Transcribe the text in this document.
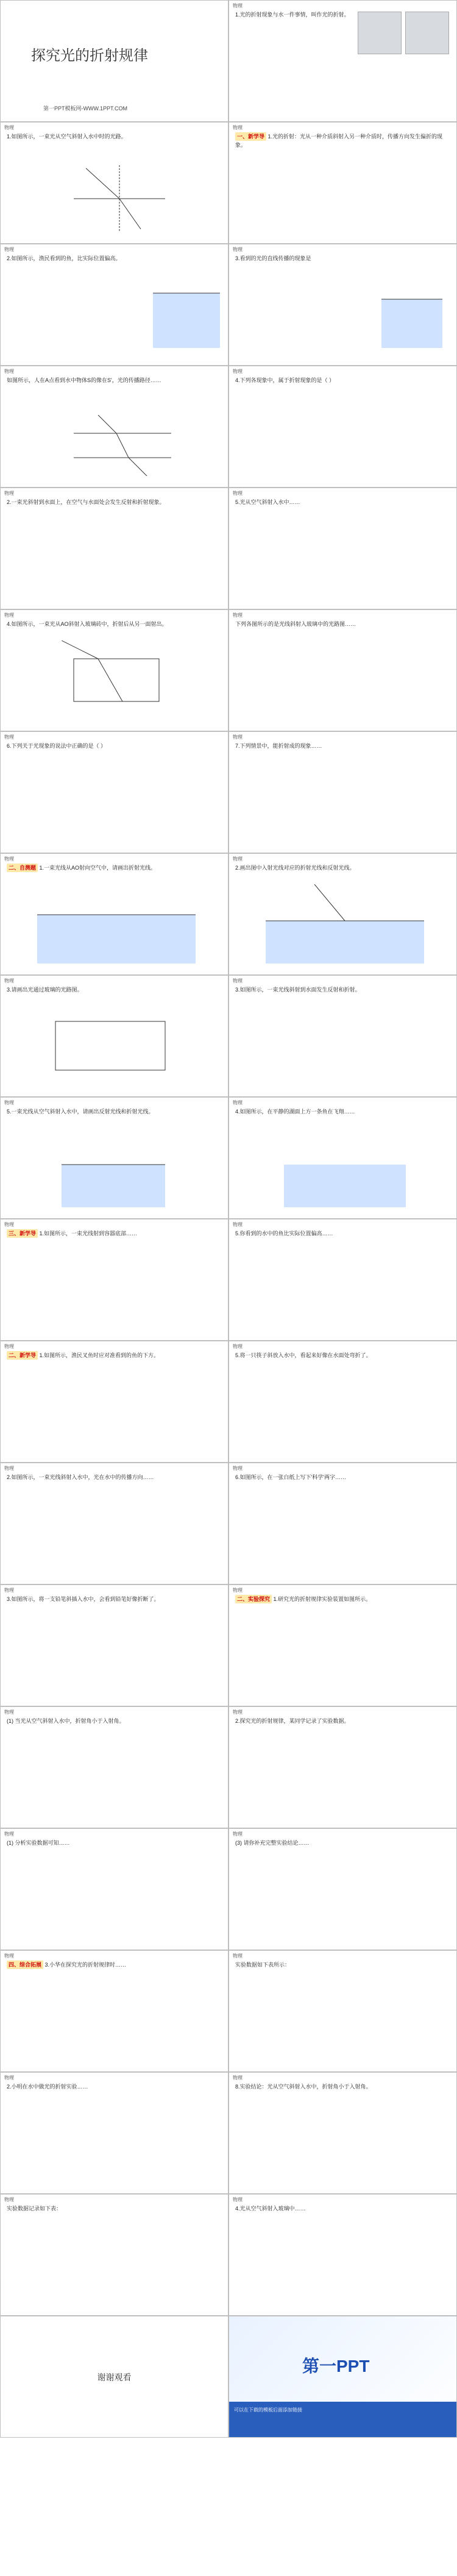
探究光的折射规律
第一PPT模板网-WWW.1PPT.COM
物理
1.光的折射现象与水一件事情，叫作光的折射。
物理
1.如图所示，一束光从空气斜射入水中时的光路。
物理
一、新学导 1.光的折射：光从一种介质斜射入另一种介质时，传播方向发生偏折的现象。
物理
2.如图所示，渔民看到的鱼，比实际位置偏高。
物理
3.看到的光的直线传播的现象是
物理
如图所示，人在A点看到水中物体S的像在S'，光的传播路径……
物理
4.下列各现象中，属于折射现象的是（ ）
物理
2.一束光斜射到水面上，在空气与水面处会发生反射和折射现象。
物理
5.光从空气斜射入水中……
物理
4.如图所示，一束光从AO斜射入玻璃砖中，折射后从另一面射出。
物理
下列各图所示的是光线斜射入玻璃中的光路图……
物理
6.下列关于光现象的说法中正确的是（ ）
物理
7.下列情景中，能折射成的现象……
物理
二、自测题 1.一束光线从AO射向空气中，请画出折射光线。
物理
2.画出图中入射光线对应的折射光线和反射光线。
物理
3.请画出光通过玻璃的光路图。
物理
3.如图所示，一束光线斜射到水面发生反射和折射。
物理
5.一束光线从空气斜射入水中，请画出反射光线和折射光线。
物理
4.如图所示，在平静的湖面上方一条鱼在飞翔……
物理
三、新学导 1.如图所示，一束光线射到容器底部……
物理
5.你看到的水中的鱼比实际位置偏高……
物理
二、新学导 1.如图所示，渔民叉鱼时应对准看到的鱼的下方。
物理
5.将一只筷子斜放入水中，看起来好像在水面处弯折了。
物理
2.如图所示，一束光线斜射入水中，光在水中的传播方向……
物理
6.如图所示，在一张白纸上写下'科学'两字……
物理
3.如图所示，将一支铅笔斜插入水中，会看到铅笔好像折断了。
物理
二、实验探究 1.研究光的折射规律实验装置如图所示。
物理
(1) 当光从空气斜射入水中，折射角小于入射角。
物理
2.探究光的折射规律，某同学记录了实验数据。
物理
(1) 分析实验数据可知……
物理
(3) 请你补充完整实验结论……
物理
四、综合拓展 3.小华在探究光的折射规律时……
物理
实验数据如下表所示：
物理
2.小明在水中做光的折射实验……
物理
8.实验结论：光从空气斜射入水中，折射角小于入射角。
物理
实验数据记录如下表：
物理
4.光从空气斜射入玻璃中……
谢谢观看
第一PPT
可以在下载的模板后面添加链接
